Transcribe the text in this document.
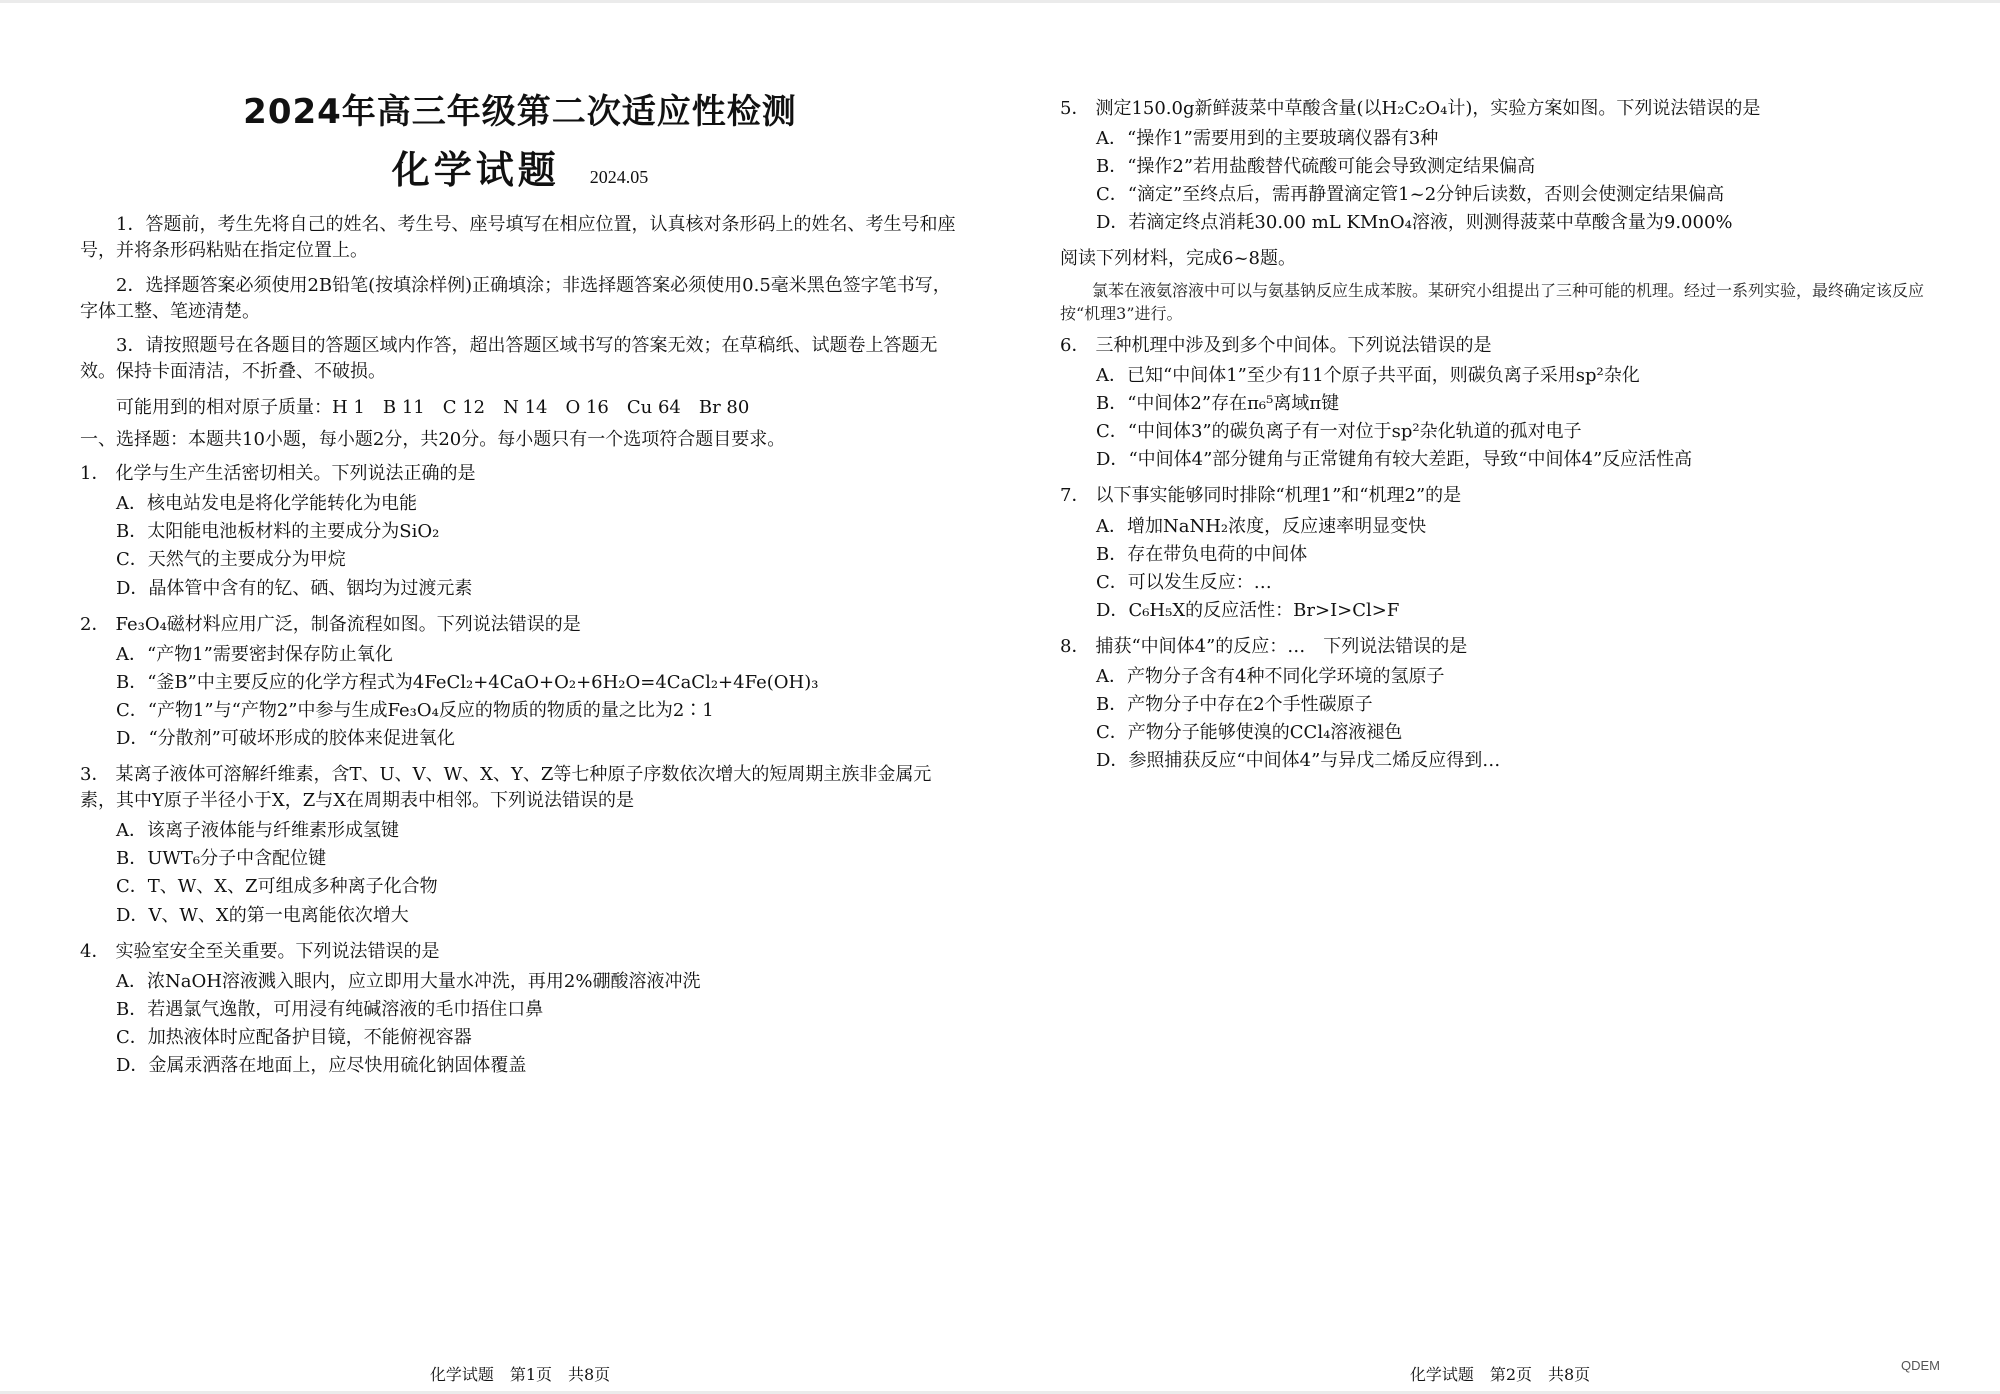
2024年高三年级第二次适应性检测
化学试题 2024.05
1．答题前，考生先将自己的姓名、考生号、座号填写在相应位置，认真核对条形码上的姓名、考生号和座号，并将条形码粘贴在指定位置上。
2．选择题答案必须使用2B铅笔(按填涂样例)正确填涂；非选择题答案必须使用0.5毫米黑色签字笔书写，字体工整、笔迹清楚。
3．请按照题号在各题目的答题区域内作答，超出答题区域书写的答案无效；在草稿纸、试题卷上答题无效。保持卡面清洁，不折叠、不破损。
可能用到的相对原子质量：H 1　B 11　C 12　N 14　O 16　Cu 64　Br 80
一、选择题：本题共10小题，每小题2分，共20分。每小题只有一个选项符合题目要求。
1． 化学与生产生活密切相关。下列说法正确的是
A．核电站发电是将化学能转化为电能
B．太阳能电池板材料的主要成分为SiO₂
C．天然气的主要成分为甲烷
D．晶体管中含有的钇、硒、铟均为过渡元素
2． Fe₃O₄磁材料应用广泛，制备流程如图。下列说法错误的是
A．“产物1”需要密封保存防止氧化
B．“釜B”中主要反应的化学方程式为4FeCl₂+4CaO+O₂+6H₂O=4CaCl₂+4Fe(OH)₃
C．“产物1”与“产物2”中参与生成Fe₃O₄反应的物质的物质的量之比为2∶1
D．“分散剂”可破坏形成的胶体来促进氧化
3． 某离子液体可溶解纤维素，含T、U、V、W、X、Y、Z等七种原子序数依次增大的短周期主族非金属元素，其中Y原子半径小于X，Z与X在周期表中相邻。下列说法错误的是
A．该离子液体能与纤维素形成氢键
B．UWT₆分子中含配位键
C．T、W、X、Z可组成多种离子化合物
D．V、W、X的第一电离能依次增大
4． 实验室安全至关重要。下列说法错误的是
A．浓NaOH溶液溅入眼内，应立即用大量水冲洗，再用2%硼酸溶液冲洗
B．若遇氯气逸散，可用浸有纯碱溶液的毛巾捂住口鼻
C．加热液体时应配备护目镜，不能俯视容器
D．金属汞洒落在地面上，应尽快用硫化钠固体覆盖
化学试题　第1页　共8页
5． 测定150.0g新鲜菠菜中草酸含量(以H₂C₂O₄计)，实验方案如图。下列说法错误的是
A．“操作1”需要用到的主要玻璃仪器有3种
B．“操作2”若用盐酸替代硫酸可能会导致测定结果偏高
C．“滴定”至终点后，需再静置滴定管1~2分钟后读数，否则会使测定结果偏高
D．若滴定终点消耗30.00 mL KMnO₄溶液，则测得菠菜中草酸含量为9.000%
阅读下列材料，完成6~8题。
氯苯在液氨溶液中可以与氨基钠反应生成苯胺。某研究小组提出了三种可能的机理。经过一系列实验，最终确定该反应按“机理3”进行。
6． 三种机理中涉及到多个中间体。下列说法错误的是
A．已知“中间体1”至少有11个原子共平面，则碳负离子采用sp²杂化
B．“中间体2”存在π₆⁵离域π键
C．“中间体3”的碳负离子有一对位于sp²杂化轨道的孤对电子
D．“中间体4”部分键角与正常键角有较大差距，导致“中间体4”反应活性高
7． 以下事实能够同时排除“机理1”和“机理2”的是
A．增加NaNH₂浓度，反应速率明显变快
B．存在带负电荷的中间体
C．可以发生反应：…
D．C₆H₅X的反应活性：Br>I>Cl>F
8． 捕获“中间体4”的反应：…　下列说法错误的是
A．产物分子含有4种不同化学环境的氢原子
B．产物分子中存在2个手性碳原子
C．产物分子能够使溴的CCl₄溶液褪色
D．参照捕获反应“中间体4”与异戊二烯反应得到…
化学试题　第2页　共8页	QDEM
